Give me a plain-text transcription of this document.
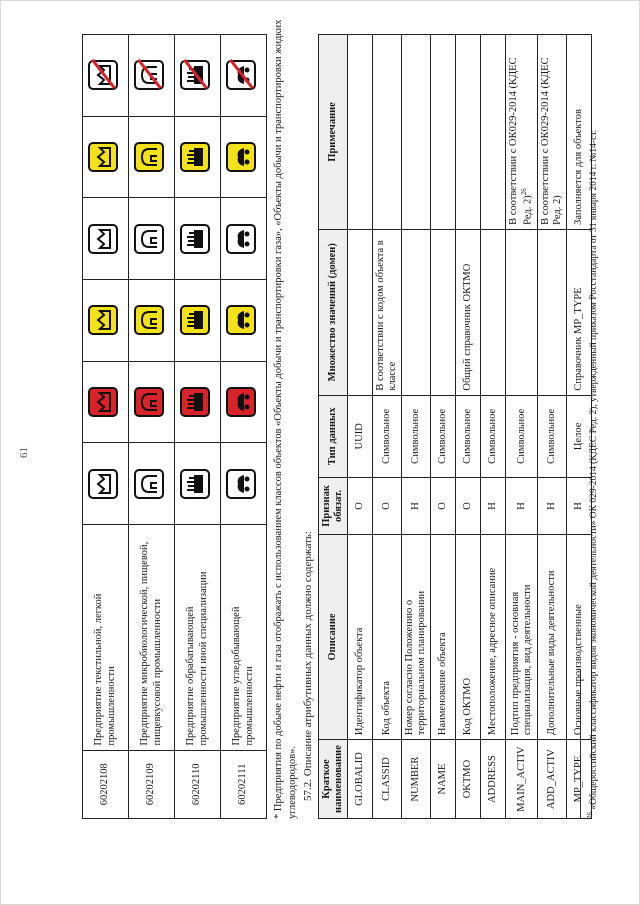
61
60202108	Предприятие текстильной, легкой промышленности	

60202109	Предприятие микробиологической, пищевой, пищевкусовой промышленности	

60202110	Предприятие обрабатывающей промышленности иной специализации	

60202111	Предприятие угледобывающей промышленности	

	* Предприятия по добыче нефти и газа отображать с использованием классов объектов «Объекты добычи и транспортировки газа», «Объекты добычи и транспортировки жидких углеводородов». 57.2. Описание атрибутивных данных должно содержать: Краткое наименование	Описание	Признак обязат.	Тип данных	Множество значений (домен)	Примечание
GLOBALID	Идентификатор объекта	О	UUID		
CLASSID	Код объекта	О	Символьное	В соответствии с кодом объекта в классе	
NUMBER	Номер согласно Положению о территориальном планировании	Н	Символьное		
NAME	Наименование объекта	О	Символьное		
OKTMO	Код ОКТМО	О	Символьное	Общий справочник ОКТМО	
ADDRESS	Местоположение, адресное описание	Н	Символьное		
MAIN_ACTIV	Подтип предприятия - основная специализация, вид деятельности	Н	Символьное		В соответствии с ОК029-2014 (КДЕС Ред. 2)$^{26}$
ADD_ACTIV	Дополнительные виды деятельности	Н	Символьное		В соответствии с ОК029-2014 (КДЕС Ред. 2)
MP_TYPE	Основные производственные	Н	Целое	Справочник MP_TYPE	Заполняется для объектов
$^{26}$ «Общероссийский классификатор видов экономической деятельности» ОК 029-2014 (КДЕС Ред. 2), утвержденный приказом Росстандарта от 31 января 2014 г. №14-ст.
